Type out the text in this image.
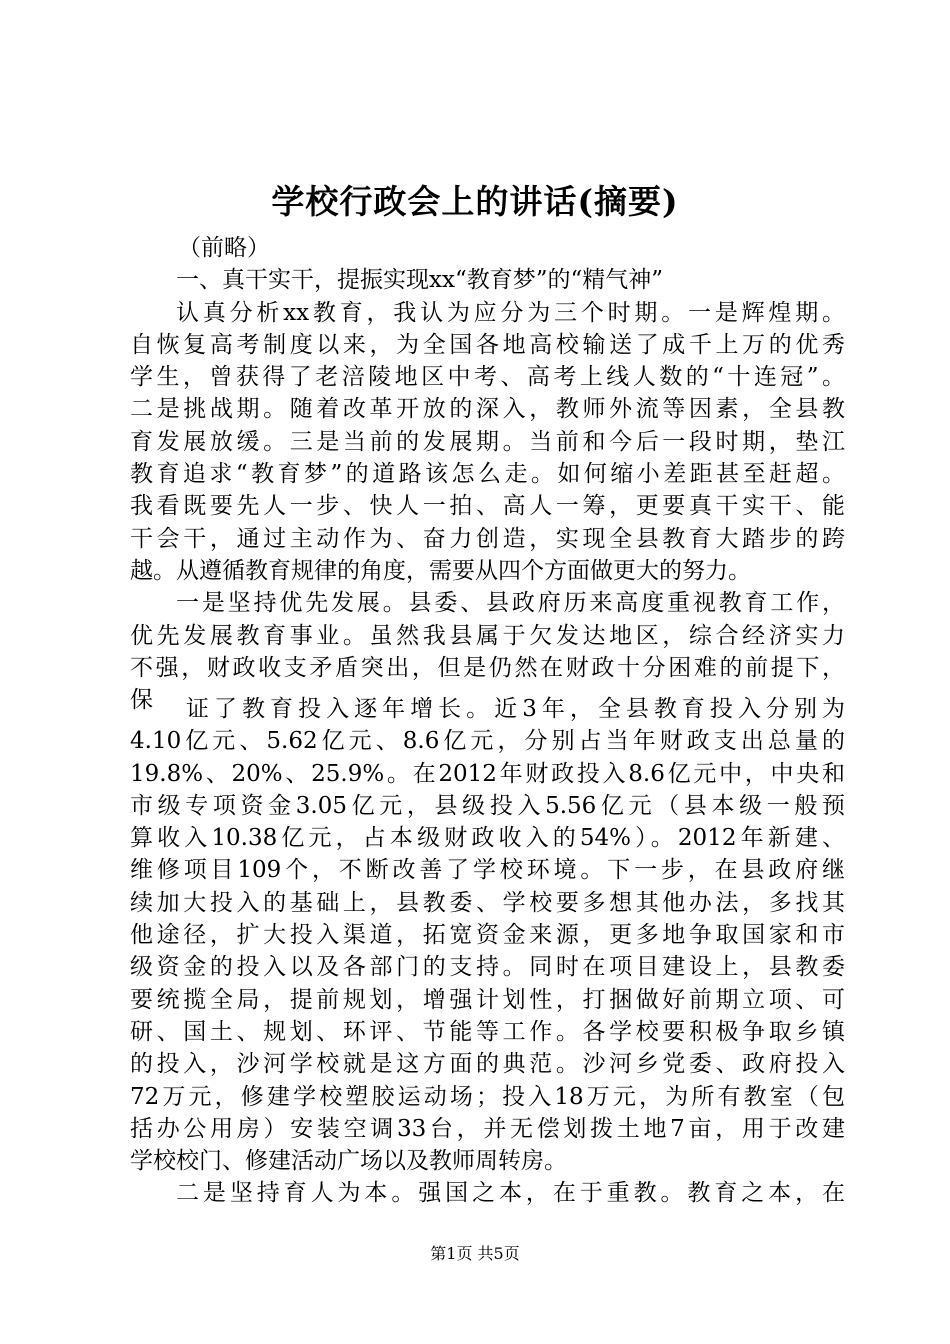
学校行政会上的讲话(摘要)
（前略）
一、真干实干，提振实现xx“教育梦”的“精气神”
认真分析xx教育，我认为应分为三个时期。一是辉煌期。
自恢复高考制度以来，为全国各地高校输送了成千上万的优秀
学生，曾获得了老涪陵地区中考、高考上线人数的“十连冠”。
二是挑战期。随着改革开放的深入，教师外流等因素，全县教
育发展放缓。三是当前的发展期。当前和今后一段时期，垫江
教育追求“教育梦”的道路该怎么走。如何缩小差距甚至赶超。
我看既要先人一步、快人一拍、高人一筹，更要真干实干、能
干会干，通过主动作为、奋力创造，实现全县教育大踏步的跨
越。从遵循教育规律的角度，需要从四个方面做更大的努力。
一是坚持优先发展。县委、县政府历来高度重视教育工作，
优先发展教育事业。虽然我县属于欠发达地区，综合经济实力
不强，财政收支矛盾突出，但是仍然在财政十分困难的前提下，
保	证了教育投入逐年增长。近3年，全县教育投入分别为
4.10亿元、5.62亿元、8.6亿元，分别占当年财政支出总量的
19.8%、20%、25.9%。在2012年财政投入8.6亿元中，中央和
市级专项资金3.05亿元，县级投入5.56亿元（县本级一般预
算收入10.38亿元，占本级财政收入的54%）。2012年新建、
维修项目109个，不断改善了学校环境。下一步，在县政府继
续加大投入的基础上，县教委、学校要多想其他办法，多找其
他途径，扩大投入渠道，拓宽资金来源，更多地争取国家和市
级资金的投入以及各部门的支持。同时在项目建设上，县教委
要统揽全局，提前规划，增强计划性，打捆做好前期立项、可
研、国土、规划、环评、节能等工作。各学校要积极争取乡镇
的投入，沙河学校就是这方面的典范。沙河乡党委、政府投入
72万元，修建学校塑胶运动场；投入18万元，为所有教室（包
括办公用房）安装空调33台，并无偿划拨土地7亩，用于改建
学校校门、修建活动广场以及教师周转房。
二是坚持育人为本。强国之本，在于重教。教育之本，在
第1页 共5页
